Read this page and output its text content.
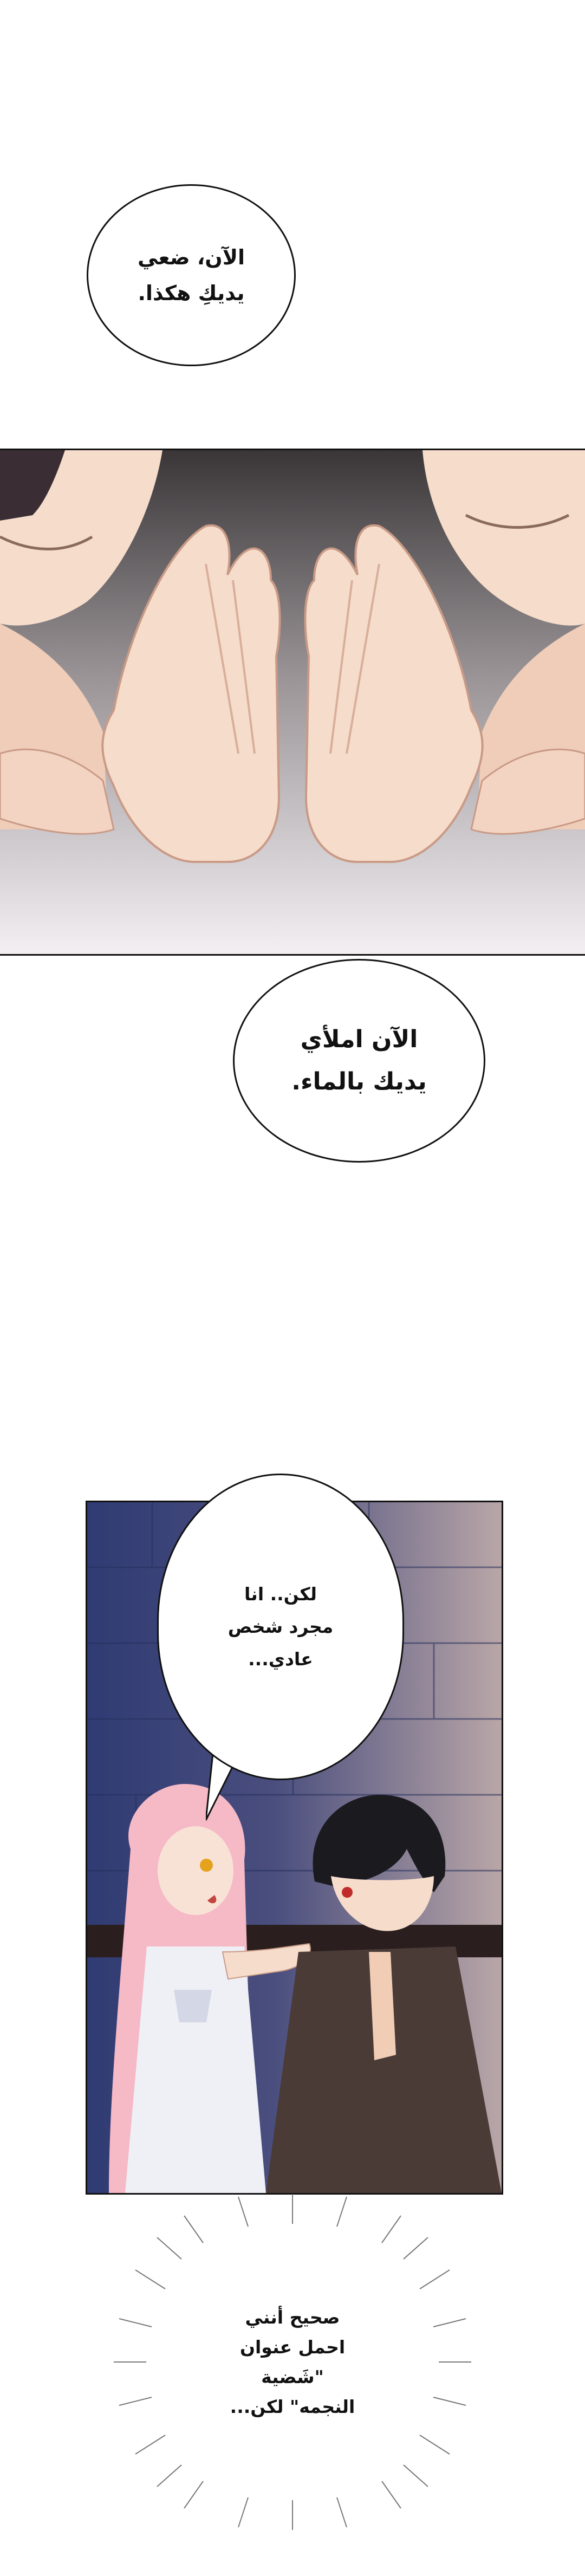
الآن، ضعي
يديكِ هكذا.
الآن املأي
يديك بالماء.
لكن.. انا
مجرد شخص
عادي...
صحيح أنني
احمل عنوان
"شَضية
النجمه" لكن...
